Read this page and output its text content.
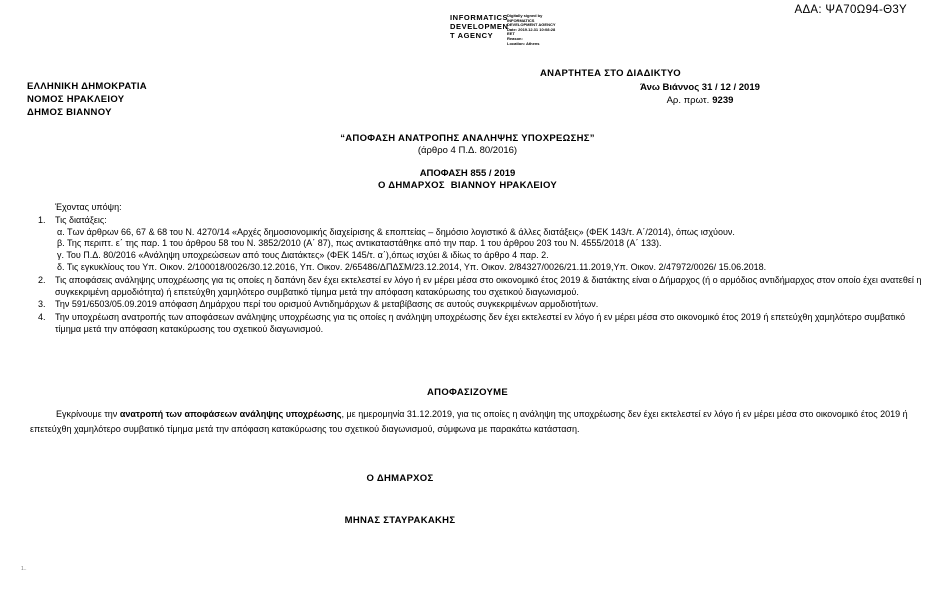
ΑΔΑ: ΨΑ70Ω94-Θ3Υ
INFORMATICS
DEVELOPMEN
T AGENCY
Digitally signed by
INFORMATICS
DEVELOPMENT AGENCY
Date: 2019.12.31 10:08:28
EET
Reason:
Location: Athens
ΕΛΛΗΝΙΚΗ ΔΗΜΟΚΡΑΤΙΑ
ΝΟΜΟΣ ΗΡΑΚΛΕΙΟΥ
ΔΗΜΟΣ ΒΙΑΝΝΟΥ
ΑΝΑΡΤΗΤΕΑ ΣΤΟ ΔΙΑΔΙΚΤΥΟ
Άνω Βιάννος 31 / 12 / 2019
Αρ. πρωτ. 9239
“ΑΠΟΦΑΣΗ ΑΝΑΤΡΟΠΗΣ ΑΝΑΛΗΨΗΣ ΥΠΟΧΡΕΩΣΗΣ”
(άρθρο 4 Π.Δ. 80/2016)
ΑΠΟΦΑΣΗ 855 / 2019
Ο ΔΗΜΑΡΧΟΣ  ΒΙΑΝΝΟΥ ΗΡΑΚΛΕΙΟΥ
Έχοντας υπόψη:
1.	Τις διατάξεις:
α. Των άρθρων 66, 67 & 68 του Ν. 4270/14 «Αρχές δημοσιονομικής διαχείρισης & εποπτείας – δημόσιο λογιστικό & άλλες διατάξεις» (ΦΕΚ 143/τ. Α΄/2014), όπως ισχύουν.
β. Της περιπτ. ε΄ της παρ. 1 του άρθρου 58 του Ν. 3852/2010 (Α΄ 87), πως αντικαταστάθηκε από την παρ. 1 του άρθρου 203 του Ν. 4555/2018 (Α΄ 133).
γ. Του Π.Δ. 80/2016 «Ανάληψη υποχρεώσεων από τους Διατάκτες» (ΦΕΚ 145/τ. α΄),όπως ισχύει & ιδίως το άρθρο 4 παρ. 2.
δ. Τις εγκυκλίους του Υπ. Οικον. 2/100018/0026/30.12.2016, Υπ. Οικον. 2/65486/ΔΠΔΣΜ/23.12.2014, Υπ. Οικον. 2/84327/0026/21.11.2019,Υπ. Οικον. 2/47972/0026/ 15.06.2018.
2.	Τις αποφάσεις ανάληψης υποχρέωσης για τις οποίες η δαπάνη δεν έχει εκτελεστεί εν λόγο ή εν μέρει μέσα στο οικονομικό έτος 2019 & διατάκτης είναι ο Δήμαρχος (ή ο αρμόδιος αντιδήμαρχος στον οποίο έχει ανατεθεί η συγκεκριμένη αρμοδιότητα) ή επετεύχθη χαμηλότερο συμβατικό τίμημα μετά την απόφαση κατακύρωσης του σχετικού διαγωνισμού.
3.	Την 591/6503/05.09.2019 απόφαση Δημάρχου περί του ορισμού Αντιδημάρχων & μεταβίβασης σε αυτούς συγκεκριμένων αρμοδιοτήτων.
4.	Την υποχρέωση ανατροπής των αποφάσεων ανάληψης υποχρέωσης για τις οποίες η ανάληψη υποχρέωσης δεν έχει εκτελεστεί εν λόγο ή εν μέρει μέσα στο οικονομικό έτος 2019 ή επετεύχθη χαμηλότερο συμβατικό τίμημα μετά την απόφαση κατακύρωσης του σχετικού διαγωνισμού.
ΑΠΟΦΑΣΙΖΟΥΜΕ
Εγκρίνουμε την ανατροπή των αποφάσεων ανάληψης υποχρέωσης, με ημερομηνία 31.12.2019, για τις οποίες η ανάληψη της υποχρέωσης δεν έχει εκτελεστεί εν λόγο ή εν μέρει μέσα στο οικονομικό έτος 2019 ή επετεύχθη χαμηλότερο συμβατικό τίμημα μετά την απόφαση κατακύρωσης του σχετικού διαγωνισμού, σύμφωνα με παρακάτω κατάσταση.
Ο ΔΗΜΑΡΧΟΣ
ΜΗΝΑΣ ΣΤΑΥΡΑΚΑΚΗΣ
1..
